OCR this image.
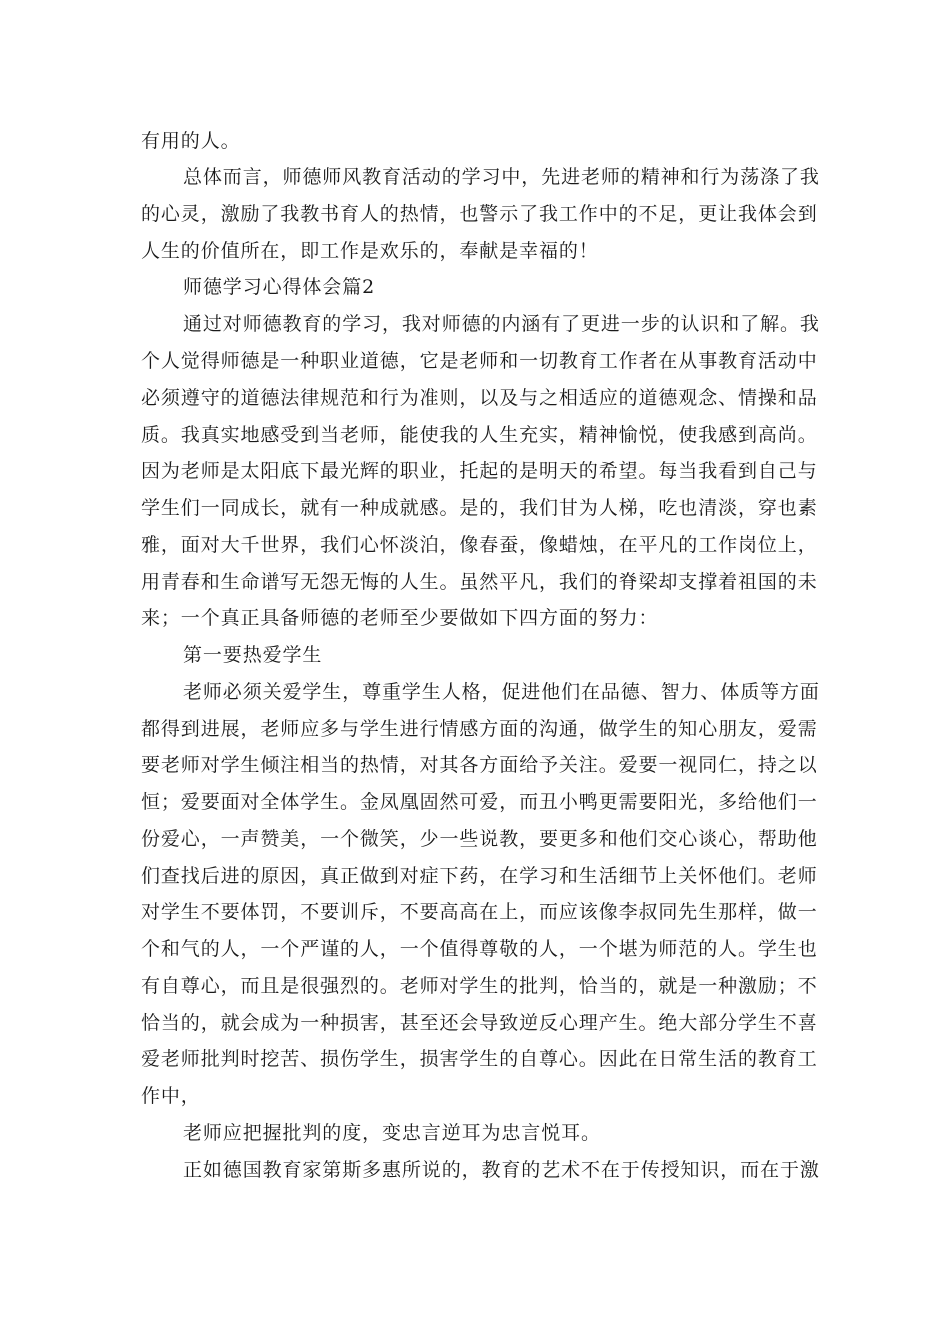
有用的人。
总体而言，师德师风教育活动的学习中，先进老师的精神和行为荡涤了我
的心灵，激励了我教书育人的热情，也警示了我工作中的不足，更让我体会到
人生的价值所在，即工作是欢乐的，奉献是幸福的！
师德学习心得体会篇2
通过对师德教育的学习，我对师德的内涵有了更进一步的认识和了解。我
个人觉得师德是一种职业道德，它是老师和一切教育工作者在从事教育活动中
必须遵守的道德法律规范和行为准则，以及与之相适应的道德观念、情操和品
质。我真实地感受到当老师，能使我的人生充实，精神愉悦，使我感到高尚。
因为老师是太阳底下最光辉的职业，托起的是明天的希望。每当我看到自己与
学生们一同成长，就有一种成就感。是的，我们甘为人梯，吃也清淡，穿也素
雅，面对大千世界，我们心怀淡泊，像春蚕，像蜡烛，在平凡的工作岗位上，
用青春和生命谱写无怨无悔的人生。虽然平凡，我们的脊梁却支撑着祖国的未
来；一个真正具备师德的老师至少要做如下四方面的努力：
第一要热爱学生
老师必须关爱学生，尊重学生人格，促进他们在品德、智力、体质等方面
都得到进展，老师应多与学生进行情感方面的沟通，做学生的知心朋友，爱需
要老师对学生倾注相当的热情，对其各方面给予关注。爱要一视同仁，持之以
恒；爱要面对全体学生。金凤凰固然可爱，而丑小鸭更需要阳光，多给他们一
份爱心，一声赞美，一个微笑，少一些说教，要更多和他们交心谈心，帮助他
们查找后进的原因，真正做到对症下药，在学习和生活细节上关怀他们。老师
对学生不要体罚，不要训斥，不要高高在上，而应该像李叔同先生那样，做一
个和气的人，一个严谨的人，一个值得尊敬的人，一个堪为师范的人。学生也
有自尊心，而且是很强烈的。老师对学生的批判，恰当的，就是一种激励；不
恰当的，就会成为一种损害，甚至还会导致逆反心理产生。绝大部分学生不喜
爱老师批判时挖苦、损伤学生，损害学生的自尊心。因此在日常生活的教育工
作中，
老师应把握批判的度，变忠言逆耳为忠言悦耳。
正如德国教育家第斯多惠所说的，教育的艺术不在于传授知识，而在于激
